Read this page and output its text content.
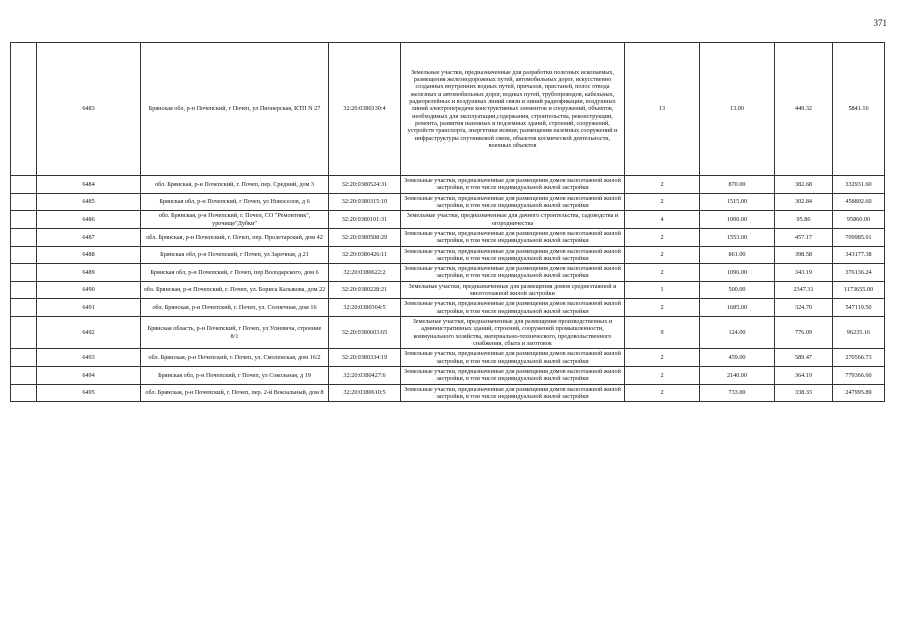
371
	6483	Брянская обл, р-н Почепский, г Почеп, ул Пионерская, КТП N 27	32:20:0380130:4	Земельные участки, предназначенные для разработки полезных ископаемых, размещения железнодорожных путей, автомобильных дорог, искусственно созданных внутренних водных путей, причалов, пристаней, полос отвода железных и автомобильных дорог, водных путей, трубопроводов, кабельных, радиорелейных и воздушных линий связи и линий радиофикации, воздушных линий электропередачи конструктивных элементов и сооружений, объектов, необходимых для эксплуатации,содержания, строительства, реконструкции, ремонта, развития наземных и подземных зданий, строений, сооружений, устройств транспорта, энергетики исвязи; размещения наземных сооружений и инфраструктуры спутниковой связи, объектов космической деятельности, военных объектов	13	13.00	449.32	5841.16
	6484	обл. Брянская, р-н Почепский, г. Почеп, пер. Средний, дом 3	32:20:0380524:31	Земельные участки, предназначенные для размещения домов малоэтажной жилой застройки, в том числе индивидуальной жилой застройки	2	870.00	382.68	332931.60
	6485	Брянская обл, р-н Почепский, г Почеп, ул Новоселов, д 6	32:20:0380315:10	Земельные участки, предназначенные для размещения домов малоэтажной жилой застройки, в том числе индивидуальной жилой застройки	2	1515.00	302.84	458802.60
	6486	обл. Брянская, р-н Почепский, г. Почеп, СО "Ремонтник", урочище"Дубки"	32:20:0380101:31	Земельные участки, предназначенные для дачного строительства, садоводства и огородничества	4	1000.00	95.86	95860.00
	6487	обл. Брянская, р-н Почепский, г. Почеп, пер. Пролетарский, дом 42	32:20:0380508:29	Земельные участки, предназначенные для размещения домов малоэтажной жилой застройки, в том числе индивидуальной жилой застройки	2	1553.00	457.17	709985.01
	6488	Брянская обл, р-н Почепский, г Почеп, ул Заречная, д 21	32:20:0380426:11	Земельные участки, предназначенные для размещения домов малоэтажной жилой застройки, в том числе индивидуальной жилой застройки	2	861.00	398.58	343177.38
	6489	Брянская обл, р-н Почепский, г Почеп, пер Володарского, дом 6	32:20:0380622:2	Земельные участки, предназначенные для размещения домов малоэтажной жилой застройки, в том числе индивидуальной жилой застройки	2	1096.00	343.19	376136.24
	6490	обл. Брянская, р-н Почепский, г. Почеп, ул. Бориса Калыкова, дом 22	32:20:0380228:21	Земельные участки, предназначенные для размещения домов среднеэтажной и многоэтажной жилой застройки	1	500.00	2347.31	1173655.00
	6491	обл. Брянская, р-н Почепский, г. Почеп, ул. Солнечная, дом 16	32:20:0380304:5	Земельные участки, предназначенные для размещения домов малоэтажной жилой застройки, в том числе индивидуальной жилой застройки	2	1685.00	324.70	547119.50
	6492	Брянская область, р-н Почепский, г Почеп, ул Усиевича, строение 8/1	32:20:0380603:65	Земельные участки, предназначенные для размещения производственных и административных зданий, строений, сооружений промышленности, коммунального хозяйства, материально-технического, продовольственного снабжения, сбыта и заготовок	9	124.00	776.09	96235.16
	6493	обл. Брянская, р-н Почепский, г. Почеп, ул. Смоленская, дом 16/2	32:20:0380334:19	Земельные участки, предназначенные для размещения домов малоэтажной жилой застройки, в том числе индивидуальной жилой застройки	2	459.00	589.47	270566.73
	6494	Брянская обл, р-н Почепский, г Почеп, ул Сокольная, д 19	32:20:0380427:6	Земельные участки, предназначенные для размещения домов малоэтажной жилой застройки, в том числе индивидуальной жилой застройки	2	2140.00	364.19	779366.60
	6495	обл. Брянская, р-н Почепский, г. Почеп, пер. 2-й Вокзальный, дом 8	32:20:0380610:5	Земельные участки, предназначенные для размещения домов малоэтажной жилой застройки, в том числе индивидуальной жилой застройки	2	733.00	338.33	247995.89
